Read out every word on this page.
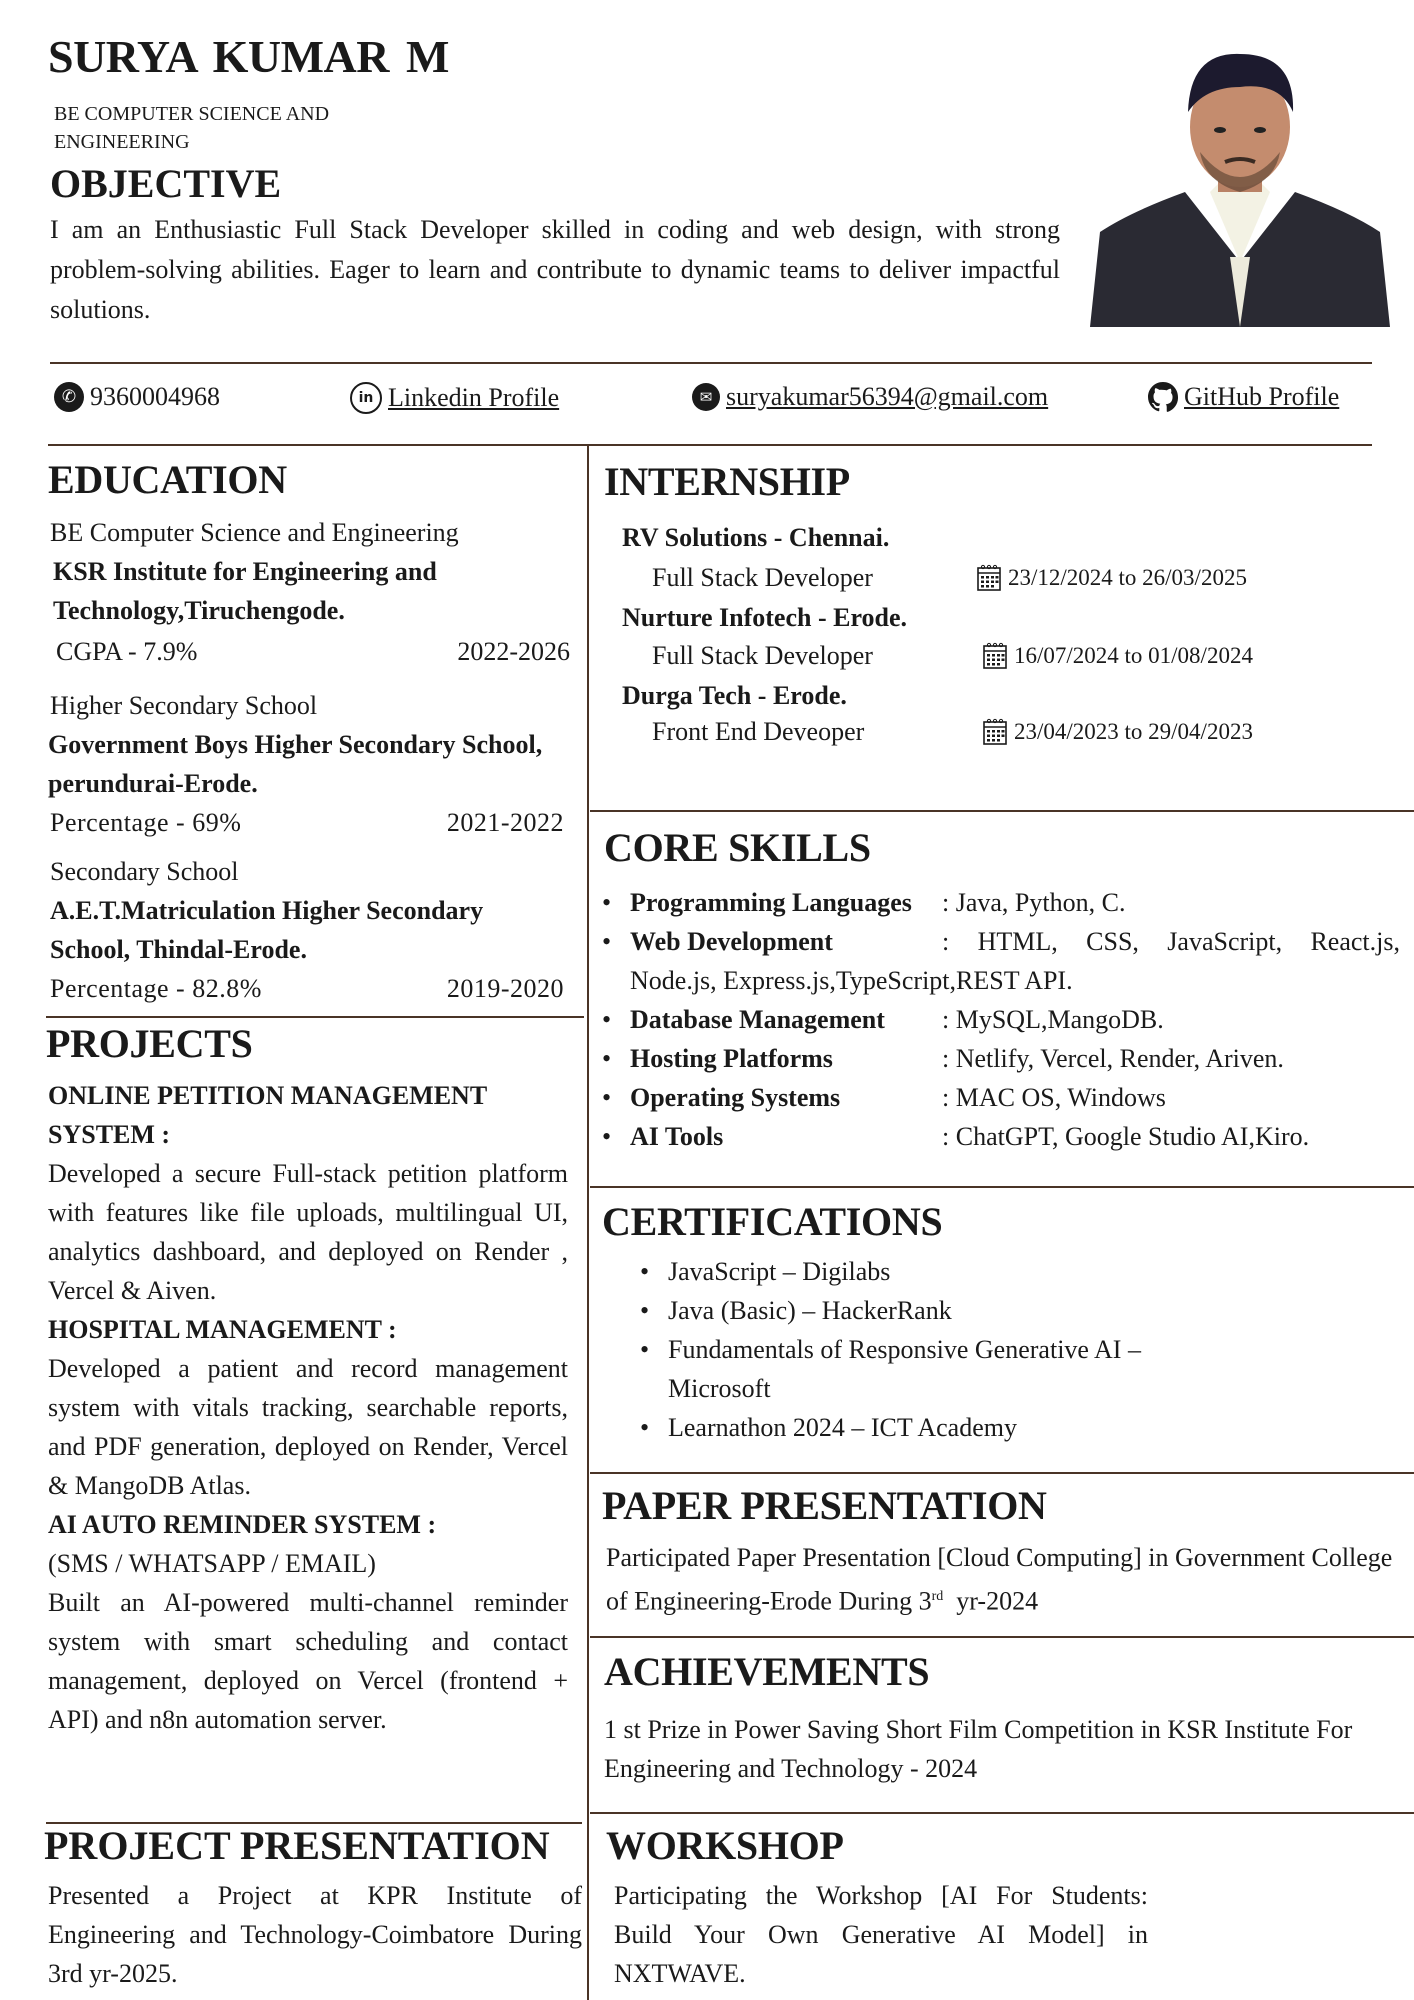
SURYA KUMAR M
BE COMPUTER SCIENCE AND ENGINEERING
OBJECTIVE
I am an Enthusiastic Full Stack Developer skilled in coding and web design, with strong problem-solving abilities. Eager to learn and contribute to dynamic teams to deliver impactful solutions.
✆ 9360004968	in Linkedin Profile	✉ suryakumar56394@gmail.com	GitHub Profile
EDUCATION
BE Computer Science and Engineering
KSR Institute for Engineering and Technology,Tiruchengode.
CGPA - 7.9%	2022-2026
Higher Secondary School
Government Boys Higher Secondary School, perundurai-Erode.
Percentage - 69%	2021-2022
Secondary School
A.E.T.Matriculation Higher Secondary School, Thindal-Erode.
Percentage - 82.8%	2019-2020
PROJECTS
ONLINE PETITION MANAGEMENT SYSTEM :
Developed a secure Full-stack petition platform with features like file uploads, multilingual UI, analytics dashboard, and deployed on Render , Vercel & Aiven.
HOSPITAL MANAGEMENT :
Developed a patient and record management system with vitals tracking, searchable reports, and PDF generation, deployed on Render, Vercel & MangoDB Atlas.
AI AUTO REMINDER SYSTEM :
(SMS / WHATSAPP / EMAIL)
Built an AI-powered multi-channel reminder system with smart scheduling and contact management, deployed on Vercel (frontend + API) and n8n automation server.
PROJECT PRESENTATION
Presented a Project at KPR Institute of Engineering and Technology-Coimbatore During 3rd yr-2025.
INTERNSHIP
RV Solutions - Chennai.
Full Stack Developer	23/12/2024 to 26/03/2025
Nurture Infotech - Erode.
Full Stack Developer	16/07/2024 to 01/08/2024
Durga Tech - Erode.
Front End Deveoper	23/04/2023 to 29/04/2023
CORE SKILLS
• Programming Languages : Java, Python, C.
• Web Development	: HTML, CSS, JavaScript, React.js, Node.js, Express.js,TypeScript,REST API.
• Database Management : MySQL,MangoDB.
• Hosting Platforms	: Netlify, Vercel, Render, Ariven.
• Operating Systems	: MAC OS, Windows
• AI Tools	: ChatGPT, Google Studio AI,Kiro.
CERTIFICATIONS
• JavaScript – Digilabs
• Java (Basic) – HackerRank
• Fundamentals of Responsive Generative AI – Microsoft
• Learnathon 2024 – ICT Academy
PAPER PRESENTATION
Participated Paper Presentation [Cloud Computing] in Government College of Engineering-Erode During 3rd  yr-2024
ACHIEVEMENTS
1 st Prize in Power Saving Short Film Competition in KSR Institute For Engineering and Technology - 2024
WORKSHOP
Participating the Workshop [AI For Students: Build Your Own Generative AI Model] in NXTWAVE.
